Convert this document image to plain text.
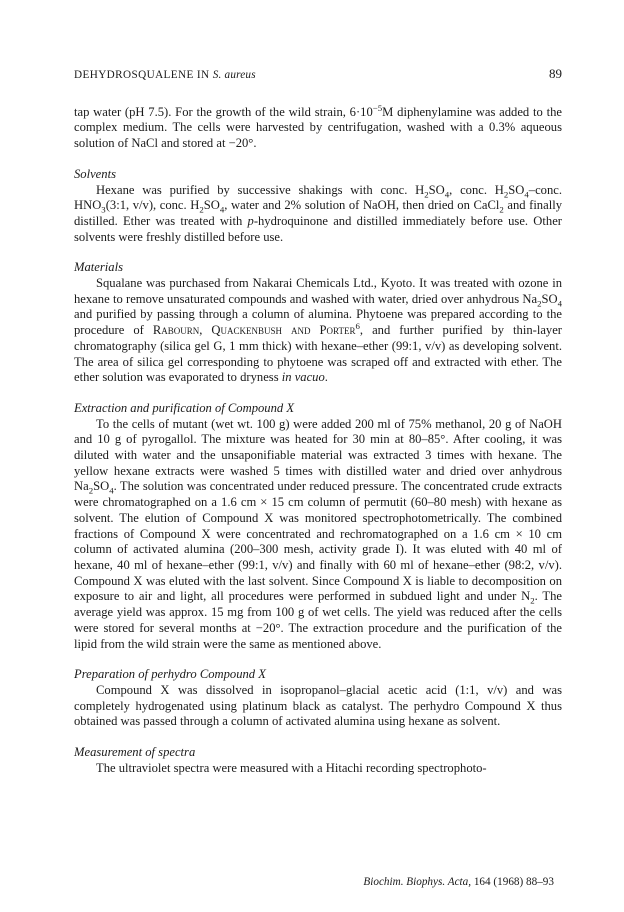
DEHYDROSQUALENE IN S. aureus	89

tap water (pH 7.5). For the growth of the wild strain, $6\cdot 10^{-5}M$ diphenylamine was added to the complex medium. The cells were harvested by centrifugation, washed with a 0.3% aqueous solution of NaCl and stored at −20°.

Solvents

Hexane was purified by successive shakings with conc. $H_2SO_4$, conc. $H_2SO_4$–conc. $HNO_3(3:1$, v/v), conc. $H_2SO_4$, water and 2% solution of NaOH, then dried on CaCl$_2$ and finally distilled. Ether was treated with p-hydroquinone and distilled immediately before use. Other solvents were freshly distilled before use.

Materials

Squalane was purchased from Nakarai Chemicals Ltd., Kyoto. It was treated with ozone in hexane to remove unsaturated compounds and washed with water, dried over anhydrous $Na_2SO_4$ and purified by passing through a column of alumina. Phytoene was prepared according to the procedure of Rabourn, Quackenbush and Porter$^6$, and further purified by thin-layer chromatography (silica gel G, 1 mm thick) with hexane–ether (99:1, v/v) as developing solvent. The area of silica gel corresponding to phytoene was scraped off and extracted with ether. The ether solution was evaporated to dryness in vacuo.

Extraction and purification of Compound X

To the cells of mutant (wet wt. 100 g) were added 200 ml of 75% methanol, 20 g of NaOH and 10 g of pyrogallol. The mixture was heated for 30 min at 80–85°. After cooling, it was diluted with water and the unsaponifiable material was extracted 3 times with hexane. The yellow hexane extracts were washed 5 times with distilled water and dried over anhydrous $Na_2SO_4$. The solution was concentrated under reduced pressure. The concentrated crude extracts were chromatographed on a 1.6 cm × 15 cm column of permutit (60–80 mesh) with hexane as solvent. The elution of Compound X was monitored spectrophotometrically. The combined fractions of Compound X were concentrated and rechromatographed on a 1.6 cm × 10 cm column of activated alumina (200–300 mesh, activity grade I). It was eluted with 40 ml of hexane, 40 ml of hexane–ether (99:1, v/v) and finally with 60 ml of hexane–ether (98:2, v/v). Compound X was eluted with the last solvent. Since Compound X is liable to decomposition on exposure to air and light, all procedures were performed in subdued light and under $N_2$. The average yield was approx. 15 mg from 100 g of wet cells. The yield was reduced after the cells were stored for several months at −20°. The extraction procedure and the purification of the lipid from the wild strain were the same as mentioned above.

Preparation of perhydro Compound X

Compound X was dissolved in isopropanol–glacial acetic acid (1:1, v/v) and was completely hydrogenated using platinum black as catalyst. The perhydro Compound X thus obtained was passed through a column of activated alumina using hexane as solvent.

Measurement of spectra

The ultraviolet spectra were measured with a Hitachi recording spectrophoto-

Biochim. Biophys. Acta, 164 (1968) 88–93
